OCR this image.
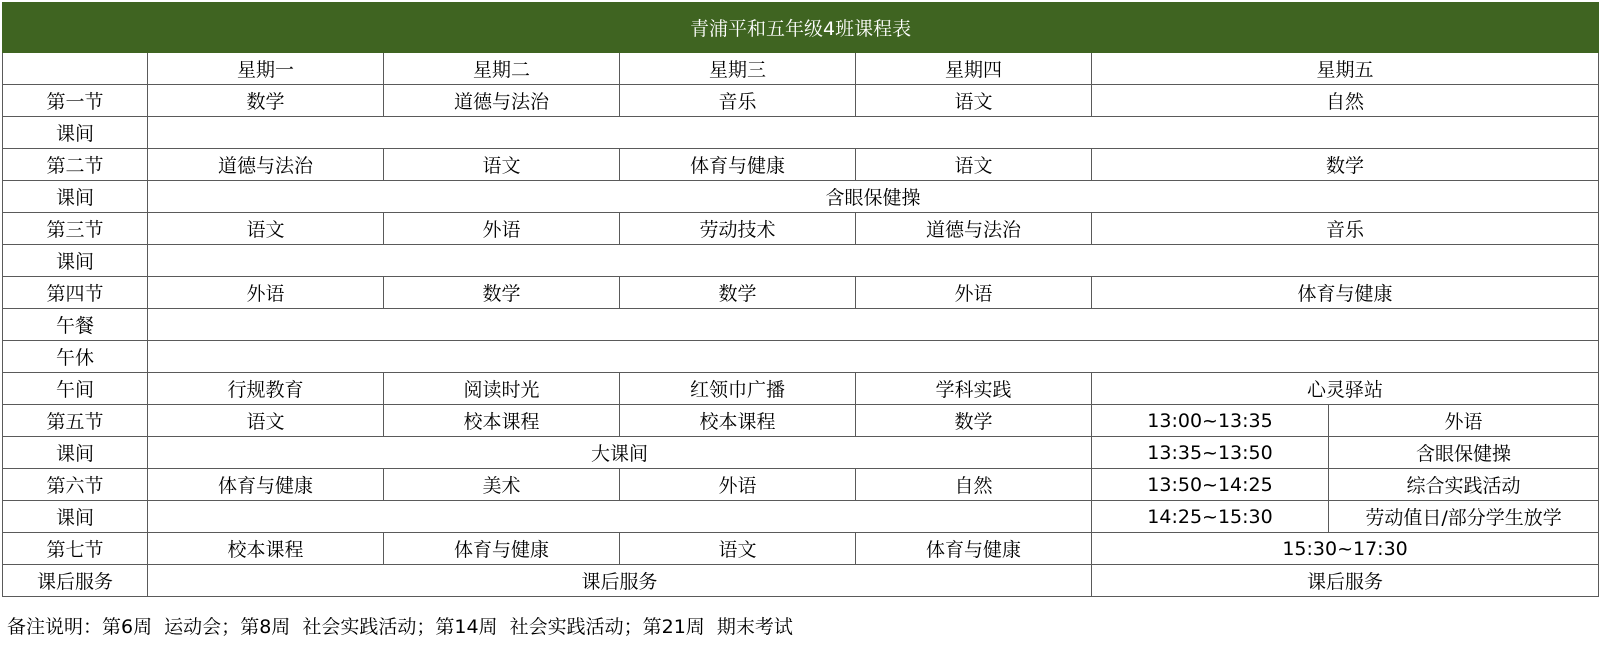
青浦平和五年级4班课程表						
	星期一	星期二	星期三	星期四	星期五	
第一节	数学	道德与法治	音乐	语文	自然	
课间						
第二节	道德与法治	语文	体育与健康	语文	数学	
课间	含眼保健操					
第三节	语文	外语	劳动技术	道德与法治	音乐	
课间						
第四节	外语	数学	数学	外语	体育与健康	
午餐						
午休						
午间	行规教育	阅读时光	红领巾广播	学科实践	心灵驿站	
第五节	语文	校本课程	校本课程	数学	13:00~13:35	外语
课间	大课间				13:35~13:50	含眼保健操
第六节	体育与健康	美术	外语	自然	13:50~14:25	综合实践活动
课间					14:25~15:30	劳动值日/部分学生放学
第七节	校本课程	体育与健康	语文	体育与健康	15:30~17:30	
课后服务	课后服务				课后服务	
备注说明：第6周  运动会；第8周  社会实践活动；第14周  社会实践活动；第21周  期末考试
